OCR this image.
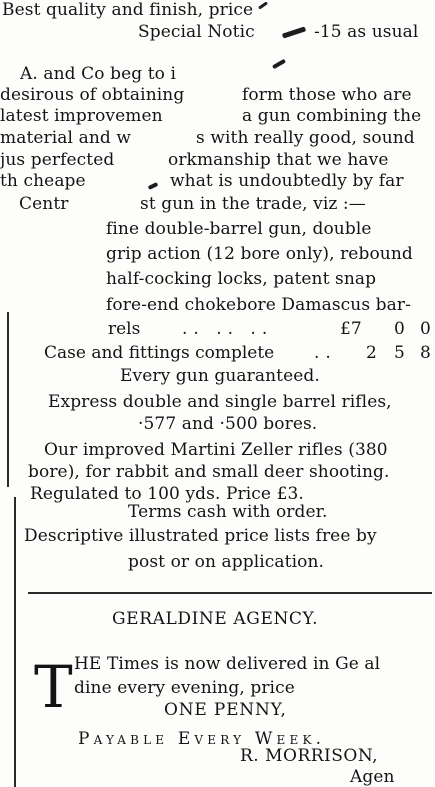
Best quality and finish, price
Special Notic	-15 as usual
A. and Co beg to i
desirous of obtaining	form those who are
latest improvemen	a gun combining the
material and w	s with really good, sound
jus perfected	orkmanship that we have
th cheape	what is undoubtedly by far
Centr	st gun in the trade, viz :—
fine double-barrel gun, double
grip action (12 bore only), rebound
half-cocking locks, patent snap
fore-end chokebore Damascus bar-
rels .. .. ..	£7 0 0
Case and fittings complete .. 2 5 8
Every gun guaranteed.
Express double and single barrel rifles,
·577 and ·500 bores.
Our improved Martini Zeller rifles (380
bore), for rabbit and small deer shooting.
Regulated to 100 yds. Price £3.
Terms cash with order.
Descriptive illustrated price lists free by
post or on application.
GERALDINE AGENCY.
T HE Times is now delivered in Ge al
dine every evening, price
ONE PENNY,
Payable Every Week.
R. MORRISON,
Agen
